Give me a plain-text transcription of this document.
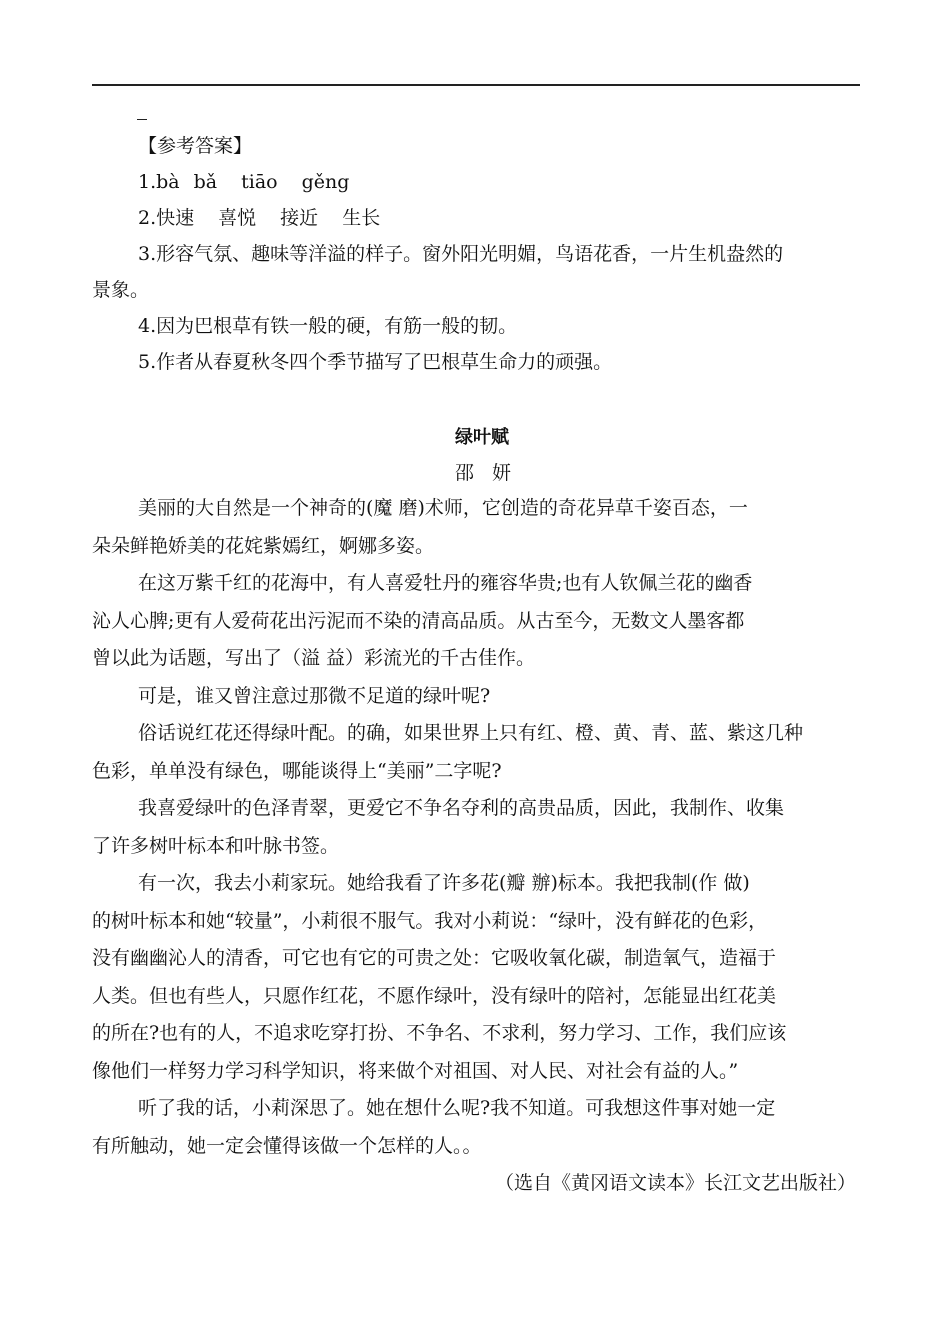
【参考答案】
1.bà bǎ tiāo gěng
2.快速 喜悦 接近 生长
3.形容气氛、趣味等洋溢的样子。窗外阳光明媚，鸟语花香，一片生机盎然的
景象。
4.因为巴根草有铁一般的硬，有筋一般的韧。
5.作者从春夏秋冬四个季节描写了巴根草生命力的顽强。
绿叶赋
邵妍
美丽的大自然是一个神奇的(魔 磨)术师，它创造的奇花异草千姿百态，一
朵朵鲜艳娇美的花姹紫嫣红，婀娜多姿。
在这万紫千红的花海中，有人喜爱牡丹的雍容华贵;也有人钦佩兰花的幽香
沁人心脾;更有人爱荷花出污泥而不染的清高品质。从古至今，无数文人墨客都
曾以此为话题，写出了（溢 益）彩流光的千古佳作。
可是，谁又曾注意过那微不足道的绿叶呢?
俗话说红花还得绿叶配。的确，如果世界上只有红、橙、黄、青、蓝、紫这几种
色彩，单单没有绿色，哪能谈得上“美丽”二字呢?
我喜爱绿叶的色泽青翠，更爱它不争名夺利的高贵品质，因此，我制作、收集
了许多树叶标本和叶脉书签。
有一次，我去小莉家玩。她给我看了许多花(瓣 辦)标本。我把我制(作 做)
的树叶标本和她“较量”，小莉很不服气。我对小莉说：“绿叶，没有鲜花的色彩，
没有幽幽沁人的清香，可它也有它的可贵之处：它吸收氧化碳，制造氧气，造福于
人类。但也有些人，只愿作红花，不愿作绿叶，没有绿叶的陪衬，怎能显出红花美
的所在?也有的人，不追求吃穿打扮、不争名、不求利，努力学习、工作，我们应该
像他们一样努力学习科学知识，将来做个对祖国、对人民、对社会有益的人。”
听了我的话，小莉深思了。她在想什么呢?我不知道。可我想这件事对她一定
有所触动，她一定会懂得该做一个怎样的人。。
（选自《黄冈语文读本》长江文艺出版社）
